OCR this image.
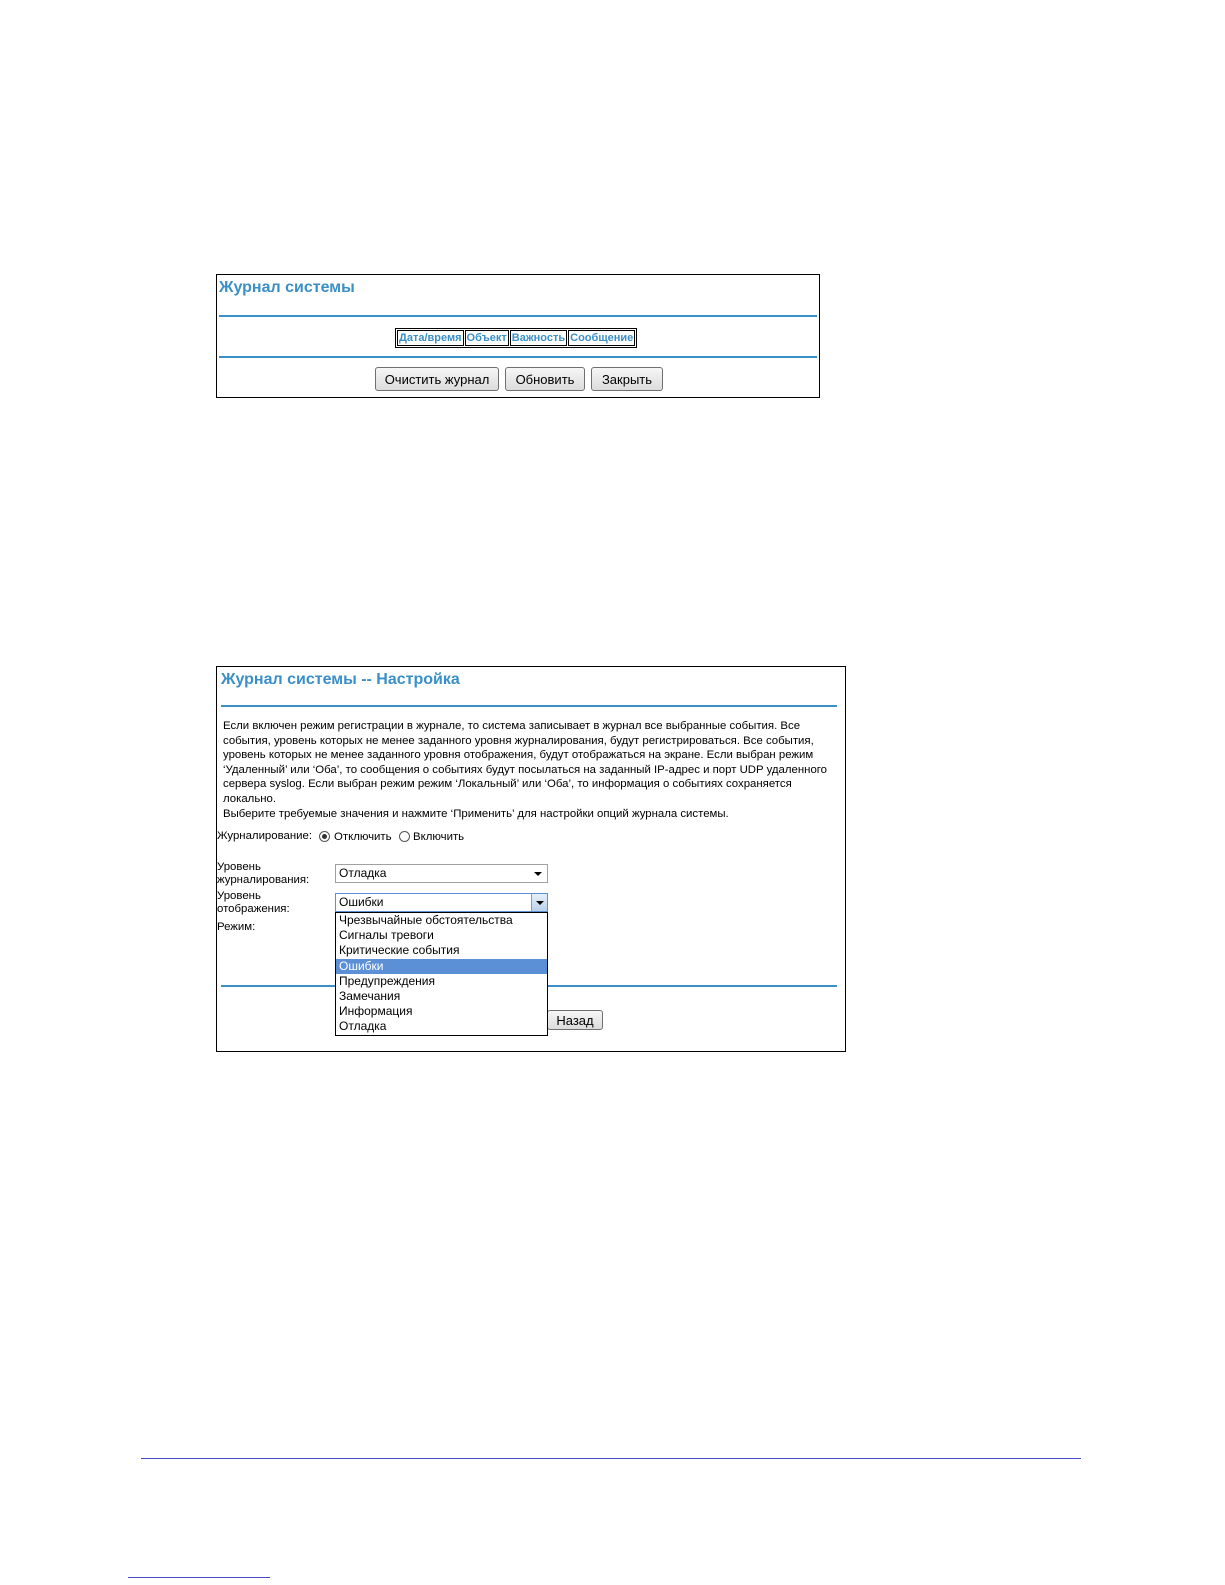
Журнал системы
Дата/время	Объект	Важность	Сообщение
Очистить журнал	Обновить	Закрыть
Журнал системы -- Настройка
Если включен режим регистрации в журнале, то система записывает в журнал все выбранные события. Все события, уровень которых не менее заданного уровня журналирования, будут регистрироваться. Все события, уровень которых не менее заданного уровня отображения, будут отображаться на экране. Если выбран режим ‘Удаленный’ или ‘Оба’, то сообщения о событиях будут посылаться на заданный IP-адрес и порт UDP удаленного сервера syslog. Если выбран режим режим ‘Локальный’ или ‘Оба’, то информация о событиях сохраняется локально.
Выберите требуемые значения и нажмите ‘Применить’ для настройки опций журнала системы.
Журналирование: Отключить Включить
Уровень журналирования:	Отладка
Уровень отображения:	Ошибки
Режим:
Назад
Чрезвычайные обстоятельства
Сигналы тревоги
Критические события
Ошибки
Предупреждения
Замечания
Информация
Отладка
